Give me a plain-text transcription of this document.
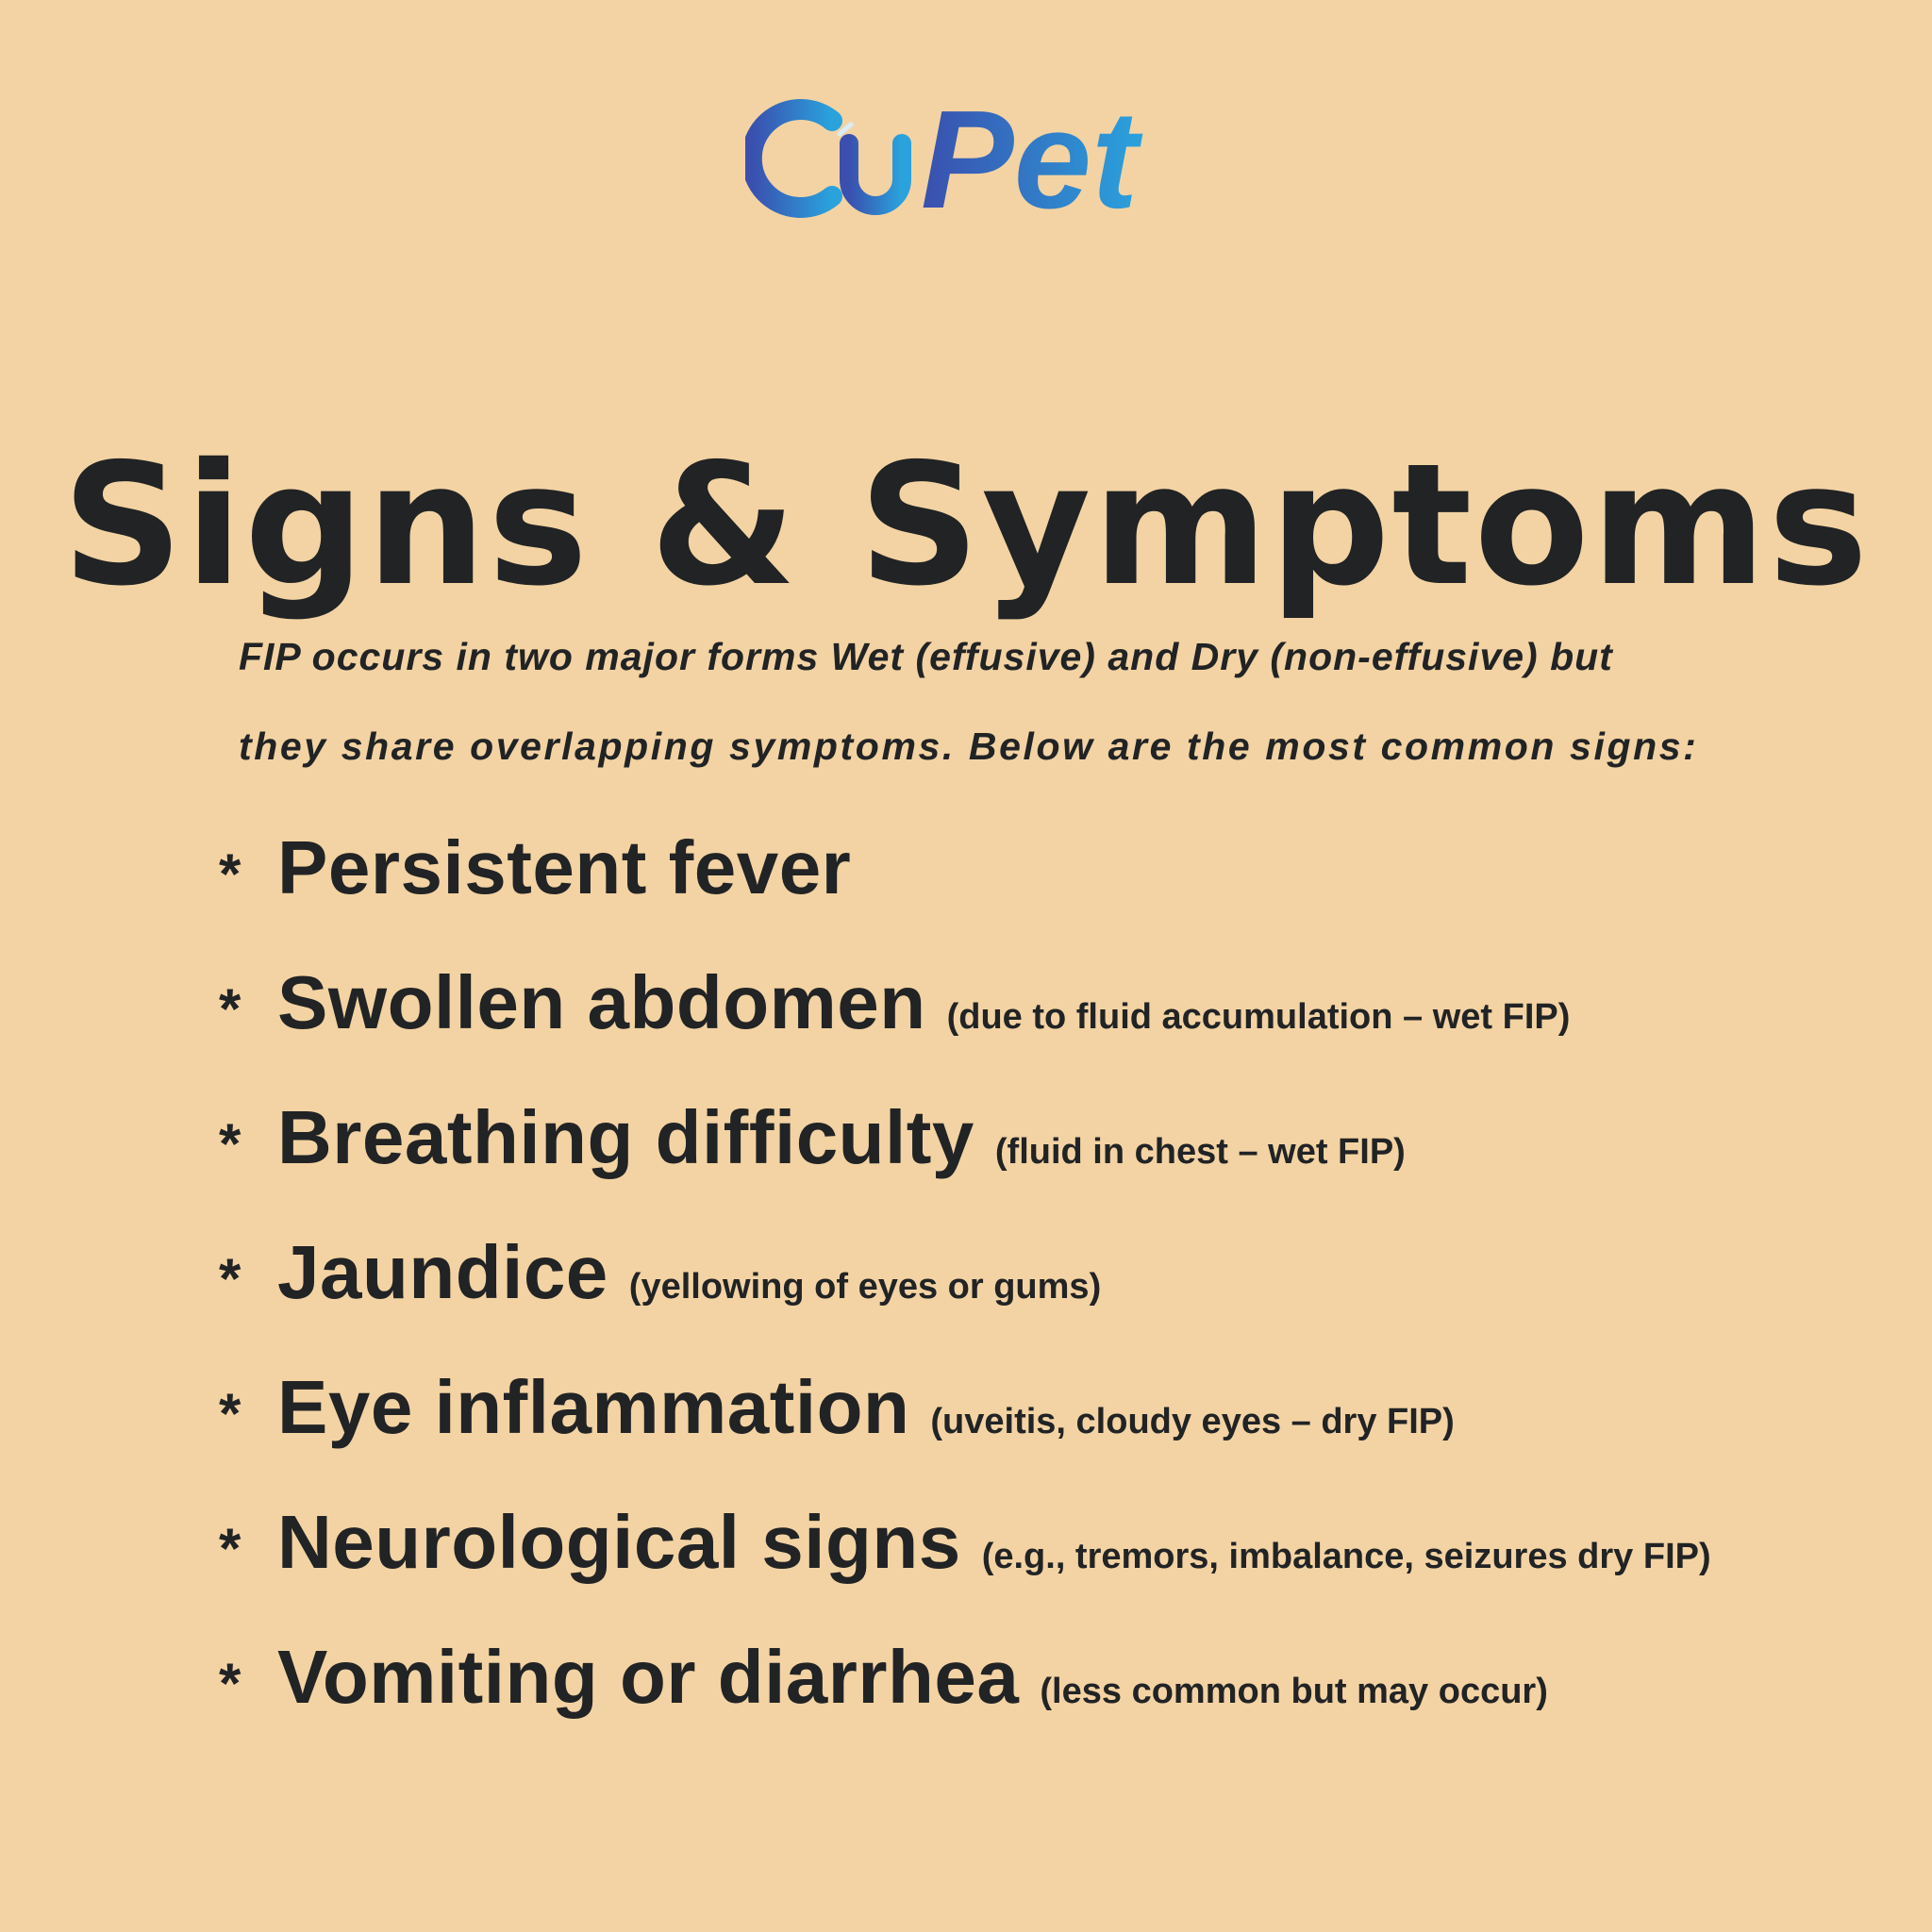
Pet
Signs & Symptoms
FIP occurs in two major forms Wet (effusive) and Dry (non-effusive) but
they share overlapping symptoms. Below are the most common signs:
* Persistent fever
* Swollen abdomen (due to fluid accumulation – wet FIP)
* Breathing difficulty (fluid in chest – wet FIP)
* Jaundice (yellowing of eyes or gums)
* Eye inflammation (uveitis, cloudy eyes – dry FIP)
* Neurological signs (e.g., tremors, imbalance, seizures dry FIP)
* Vomiting or diarrhea (less common but may occur)
